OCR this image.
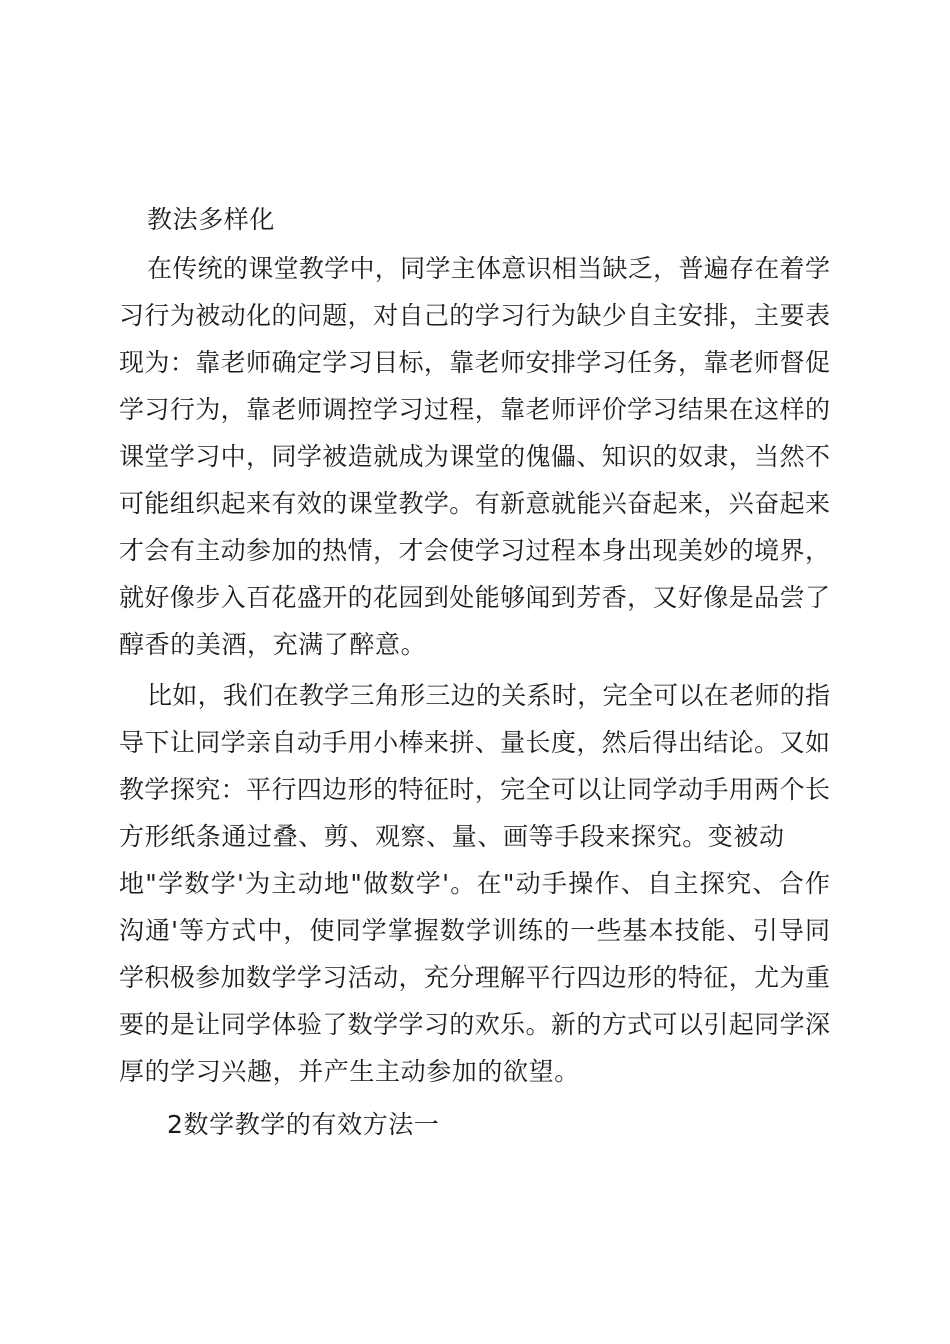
教法多样化
在传统的课堂教学中，同学主体意识相当缺乏，普遍存在着学
习行为被动化的问题，对自己的学习行为缺少自主安排，主要表
现为：靠老师确定学习目标，靠老师安排学习任务，靠老师督促
学习行为，靠老师调控学习过程，靠老师评价学习结果在这样的
课堂学习中，同学被造就成为课堂的傀儡、知识的奴隶，当然不
可能组织起来有效的课堂教学。有新意就能兴奋起来，兴奋起来
才会有主动参加的热情，才会使学习过程本身出现美妙的境界，
就好像步入百花盛开的花园到处能够闻到芳香，又好像是品尝了
醇香的美酒，充满了醉意。
比如，我们在教学三角形三边的关系时，完全可以在老师的指
导下让同学亲自动手用小棒来拼、量长度，然后得出结论。又如
教学探究：平行四边形的特征时，完全可以让同学动手用两个长
方形纸条通过叠、剪、观察、量、画等手段来探究。变被动
地"学数学'为主动地"做数学'。在"动手操作、自主探究、合作
沟通'等方式中，使同学掌握数学训练的一些基本技能、引导同
学积极参加数学学习活动，充分理解平行四边形的特征，尤为重
要的是让同学体验了数学学习的欢乐。新的方式可以引起同学深
厚的学习兴趣，并产生主动参加的欲望。
2数学教学的有效方法一
